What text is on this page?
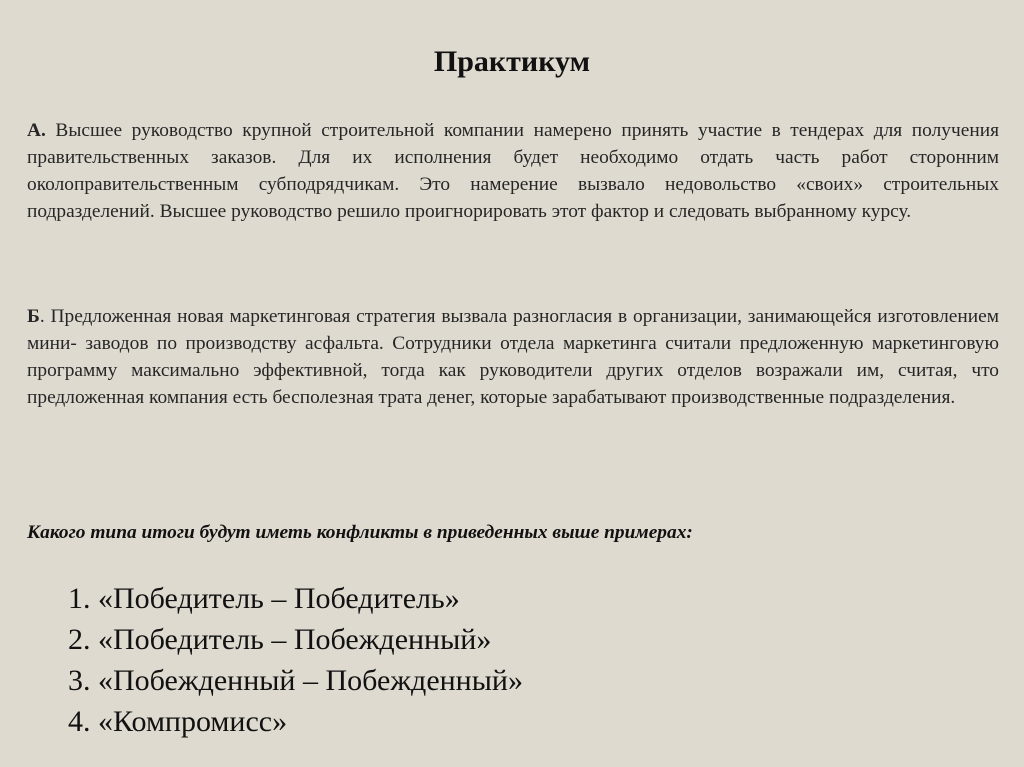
Практикум
А. Высшее руководство крупной строительной компании намерено принять участие в тендерах для получения правительственных заказов. Для их исполнения будет необходимо отдать часть работ сторонним околоправительственным субподрядчикам. Это намерение вызвало недовольство «своих» строительных подразделений. Высшее руководство решило проигнорировать этот фактор и следовать выбранному курсу.
Б. Предложенная новая маркетинговая стратегия вызвала разногласия в организации, занимающейся изготовлением мини- заводов по производству асфальта. Сотрудники отдела маркетинга считали предложенную маркетинговую программу максимально эффективной, тогда как руководители других отделов возражали им, считая, что предложенная компания есть бесполезная трата денег, которые зарабатывают производственные подразделения.
Какого типа итоги будут иметь конфликты в приведенных выше примерах:
1. «Победитель – Победитель»
2. «Победитель – Побежденный»
3. «Побежденный – Побежденный»
4. «Компромисс»
